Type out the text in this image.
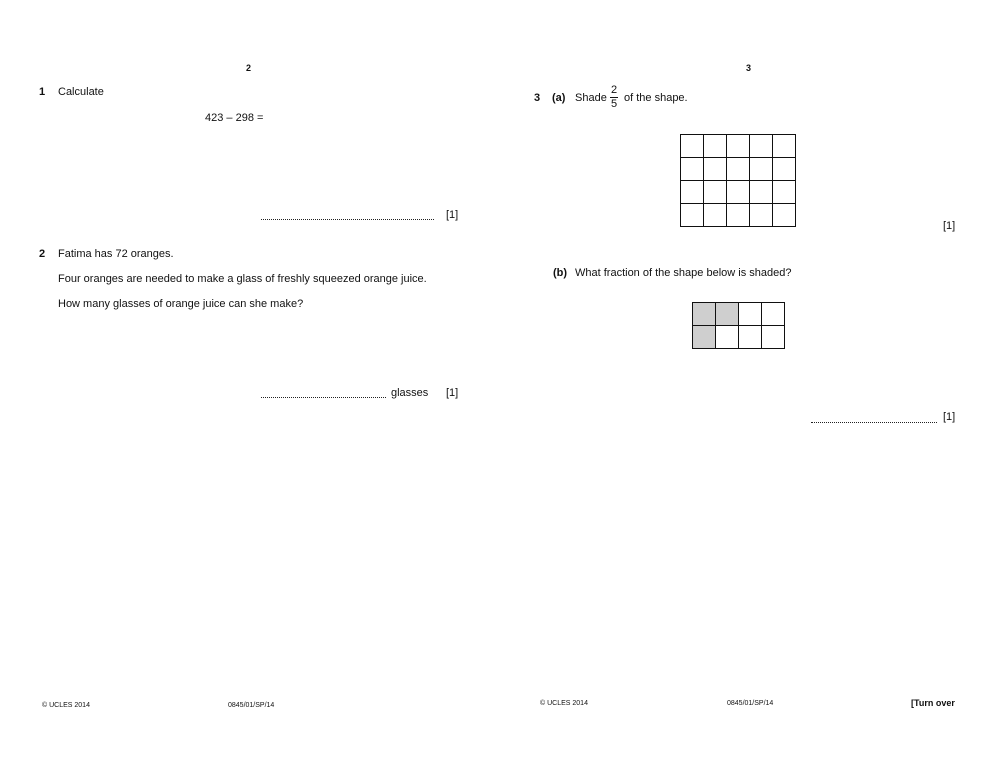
2
1 Calculate
423 – 298 =
[1]
2 Fatima has 72 oranges.
Four oranges are needed to make a glass of freshly squeezed orange juice.
How many glasses of orange juice can she make?
glasses [1]
© UCLES 2014	0845/01/SP/14
3
3 (a) Shade
2
5 of the shape.

[1]
(b) What fraction of the shape below is shaded?

[1]
© UCLES 2014	0845/01/SP/14	[Turn over
